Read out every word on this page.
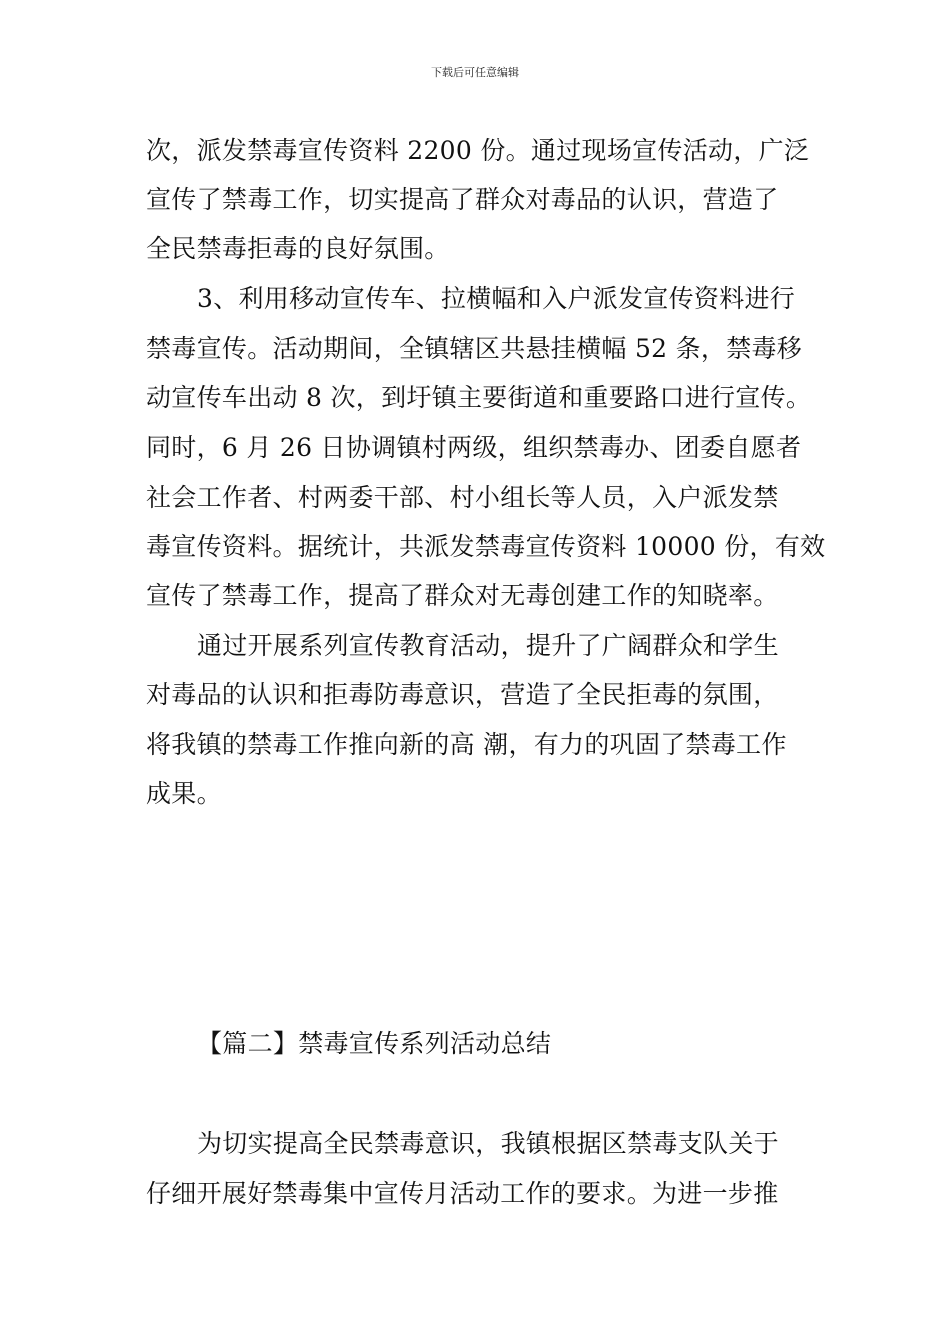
下载后可任意编辑
次，派发禁毒宣传资料 2200 份。通过现场宣传活动，广泛
宣传了禁毒工作，切实提高了群众对毒品的认识，营造了
全民禁毒拒毒的良好氛围。
3、利用移动宣传车、拉横幅和入户派发宣传资料进行
禁毒宣传。活动期间，全镇辖区共悬挂横幅 52 条，禁毒移
动宣传车出动 8 次，到圩镇主要街道和重要路口进行宣传。
同时，6 月 26 日协调镇村两级，组织禁毒办、团委自愿者
社会工作者、村两委干部、村小组长等人员，入户派发禁
毒宣传资料。据统计，共派发禁毒宣传资料 10000 份，有效
宣传了禁毒工作，提高了群众对无毒创建工作的知晓率。
通过开展系列宣传教育活动，提升了广阔群众和学生
对毒品的认识和拒毒防毒意识，营造了全民拒毒的氛围，
将我镇的禁毒工作推向新的高 潮，有力的巩固了禁毒工作
成果。
【篇二】禁毒宣传系列活动总结
为切实提高全民禁毒意识，我镇根据区禁毒支队关于
仔细开展好禁毒集中宣传月活动工作的要求。为进一步推
